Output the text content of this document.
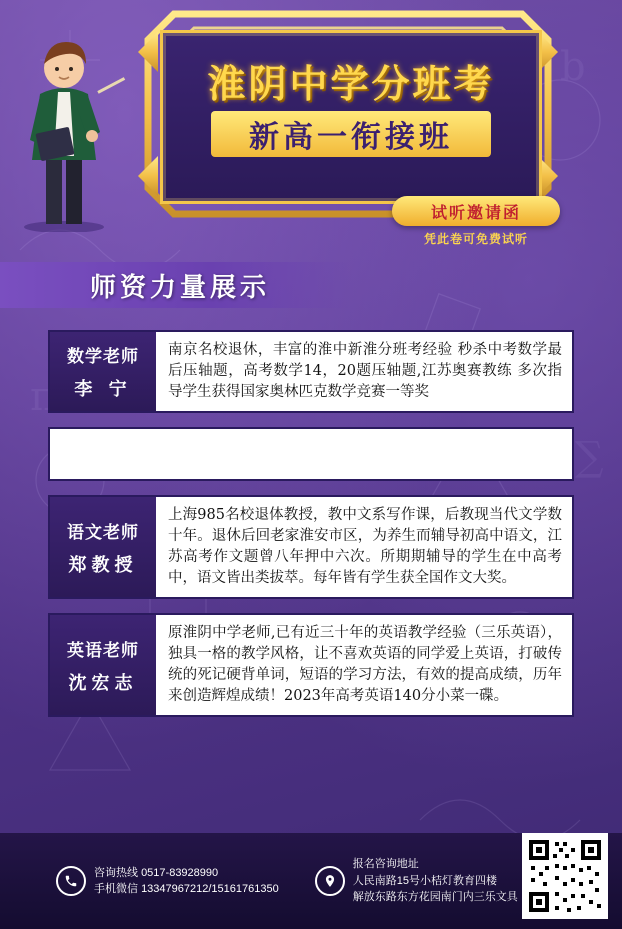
b
π
∑
淮阴中学分班考
新高一衔接班
试听邀请函
凭此卷可免费试听
师资力量展示
数学老师
李 宁
南京名校退休，丰富的淮中新淮分班考经验 秒杀中考数学最后压轴题，高考数学14，20题压轴题,江苏奥赛教练 多次指导学生获得国家奥林匹克数学竞赛一等奖
语文老师
郑教授
上海985名校退体教授，教中文系写作课，后教现当代文学数十年。退休后回老家淮安市区，为养生而辅导初高中语文，江苏高考作文题曾八年押中六次。所期期辅导的学生在中高考中，语文皆出类拔萃。每年皆有学生获全国作文大奖。
英语老师
沈宏志
原淮阴中学老师,已有近三十年的英语教学经验（三乐英语），独具一格的教学风格，让不喜欢英语的同学爱上英语，打破传统的死记硬背单词，短语的学习方法，有效的提高成绩，历年来创造辉煌成绩！2023年高考英语140分小菜一碟。
咨询热线 0517-83928990
手机微信 13347967212/15161761350
报名咨询地址
人民南路15号小桔灯教育四楼
解放东路东方花园南门内三乐文具
